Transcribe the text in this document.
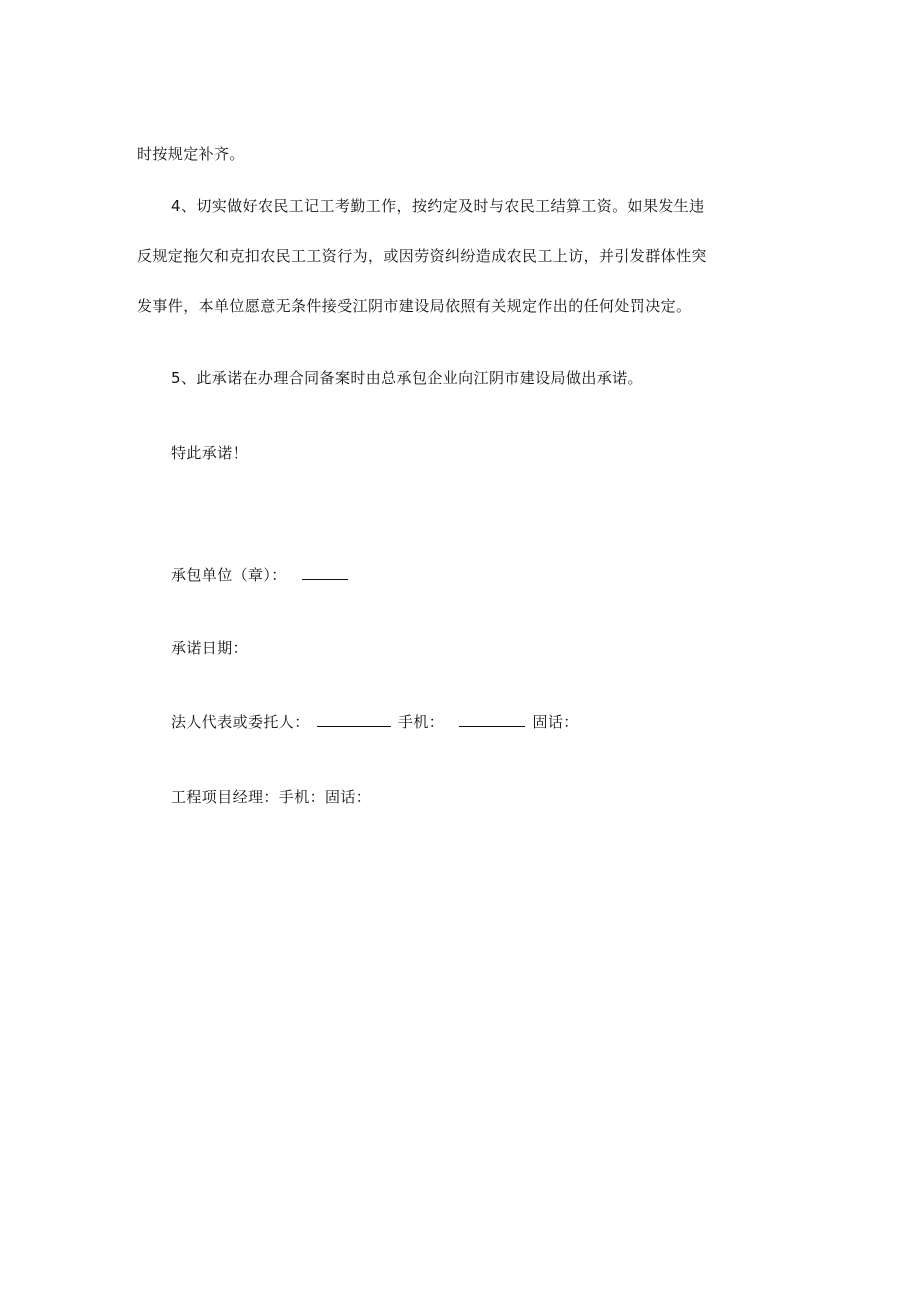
时按规定补齐。
4、切实做好农民工记工考勤工作，按约定及时与农民工结算工资。如果发生违
反规定拖欠和克扣农民工工资行为，或因劳资纠纷造成农民工上访，并引发群体性突
发事件，本单位愿意无条件接受江阴市建设局依照有关规定作出的任何处罚决定。
5、此承诺在办理合同备案时由总承包企业向江阴市建设局做出承诺。
特此承诺！
承包单位（章）：
承诺日期：
法人代表或委托人：	手机：	固话：
工程项目经理：手机：固话：
